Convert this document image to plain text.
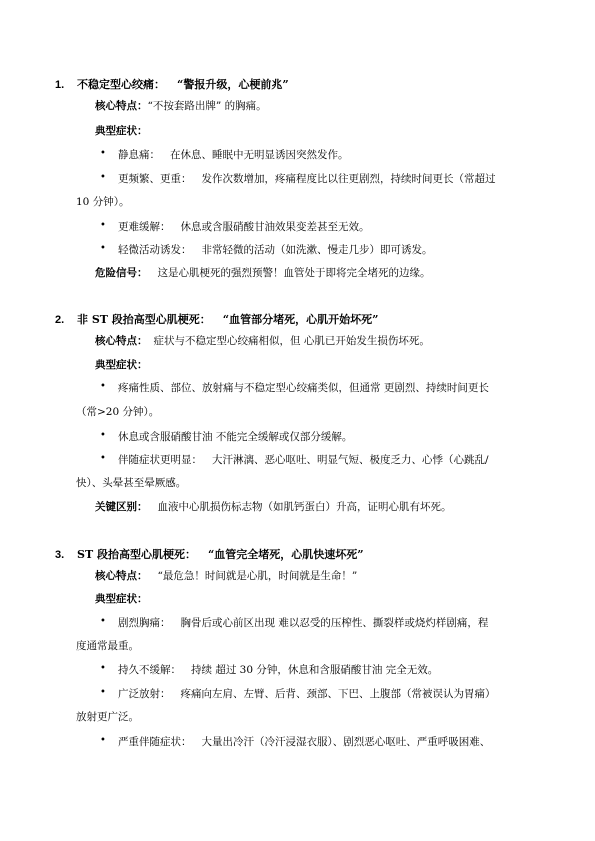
1. 不稳定型心绞痛： “警报升级，心梗前兆”
核心特点：“不按套路出牌” 的胸痛。
典型症状：
• 静息痛： 在休息、睡眠中无明显诱因突然发作。
• 更频繁、更重： 发作次数增加，疼痛程度比以往更剧烈，持续时间更长（常超过
10 分钟）。
• 更难缓解： 休息或含服硝酸甘油效果变差甚至无效。
• 轻微活动诱发： 非常轻微的活动（如洗漱、慢走几步）即可诱发。
危险信号： 这是心肌梗死的强烈预警！血管处于即将完全堵死的边缘。
2. 非 ST 段抬高型心肌梗死： “血管部分堵死，心肌开始坏死”
核心特点： 症状与不稳定型心绞痛相似，但 心肌已开始发生损伤坏死。
典型症状：
• 疼痛性质、部位、放射痛与不稳定型心绞痛类似，但通常 更剧烈、持续时间更长
（常>20 分钟）。
• 休息或含服硝酸甘油 不能完全缓解或仅部分缓解。
• 伴随症状更明显： 大汗淋漓、恶心呕吐、明显气短、极度乏力、心悸（心跳乱/
快）、头晕甚至晕厥感。
关键区别： 血液中心肌损伤标志物（如肌钙蛋白）升高，证明心肌有坏死。
3. ST 段抬高型心肌梗死： “血管完全堵死，心肌快速坏死”
核心特点： “最危急！时间就是心肌，时间就是生命！”
典型症状：
• 剧烈胸痛： 胸骨后或心前区出现 难以忍受的压榨性、撕裂样或烧灼样剧痛，程
度通常最重。
• 持久不缓解： 持续 超过 30 分钟，休息和含服硝酸甘油 完全无效。
• 广泛放射： 疼痛向左肩、左臂、后背、颈部、下巴、上腹部（常被误认为胃痛）
放射更广泛。
• 严重伴随症状： 大量出冷汗（冷汗浸湿衣服）、剧烈恶心呕吐、严重呼吸困难、
